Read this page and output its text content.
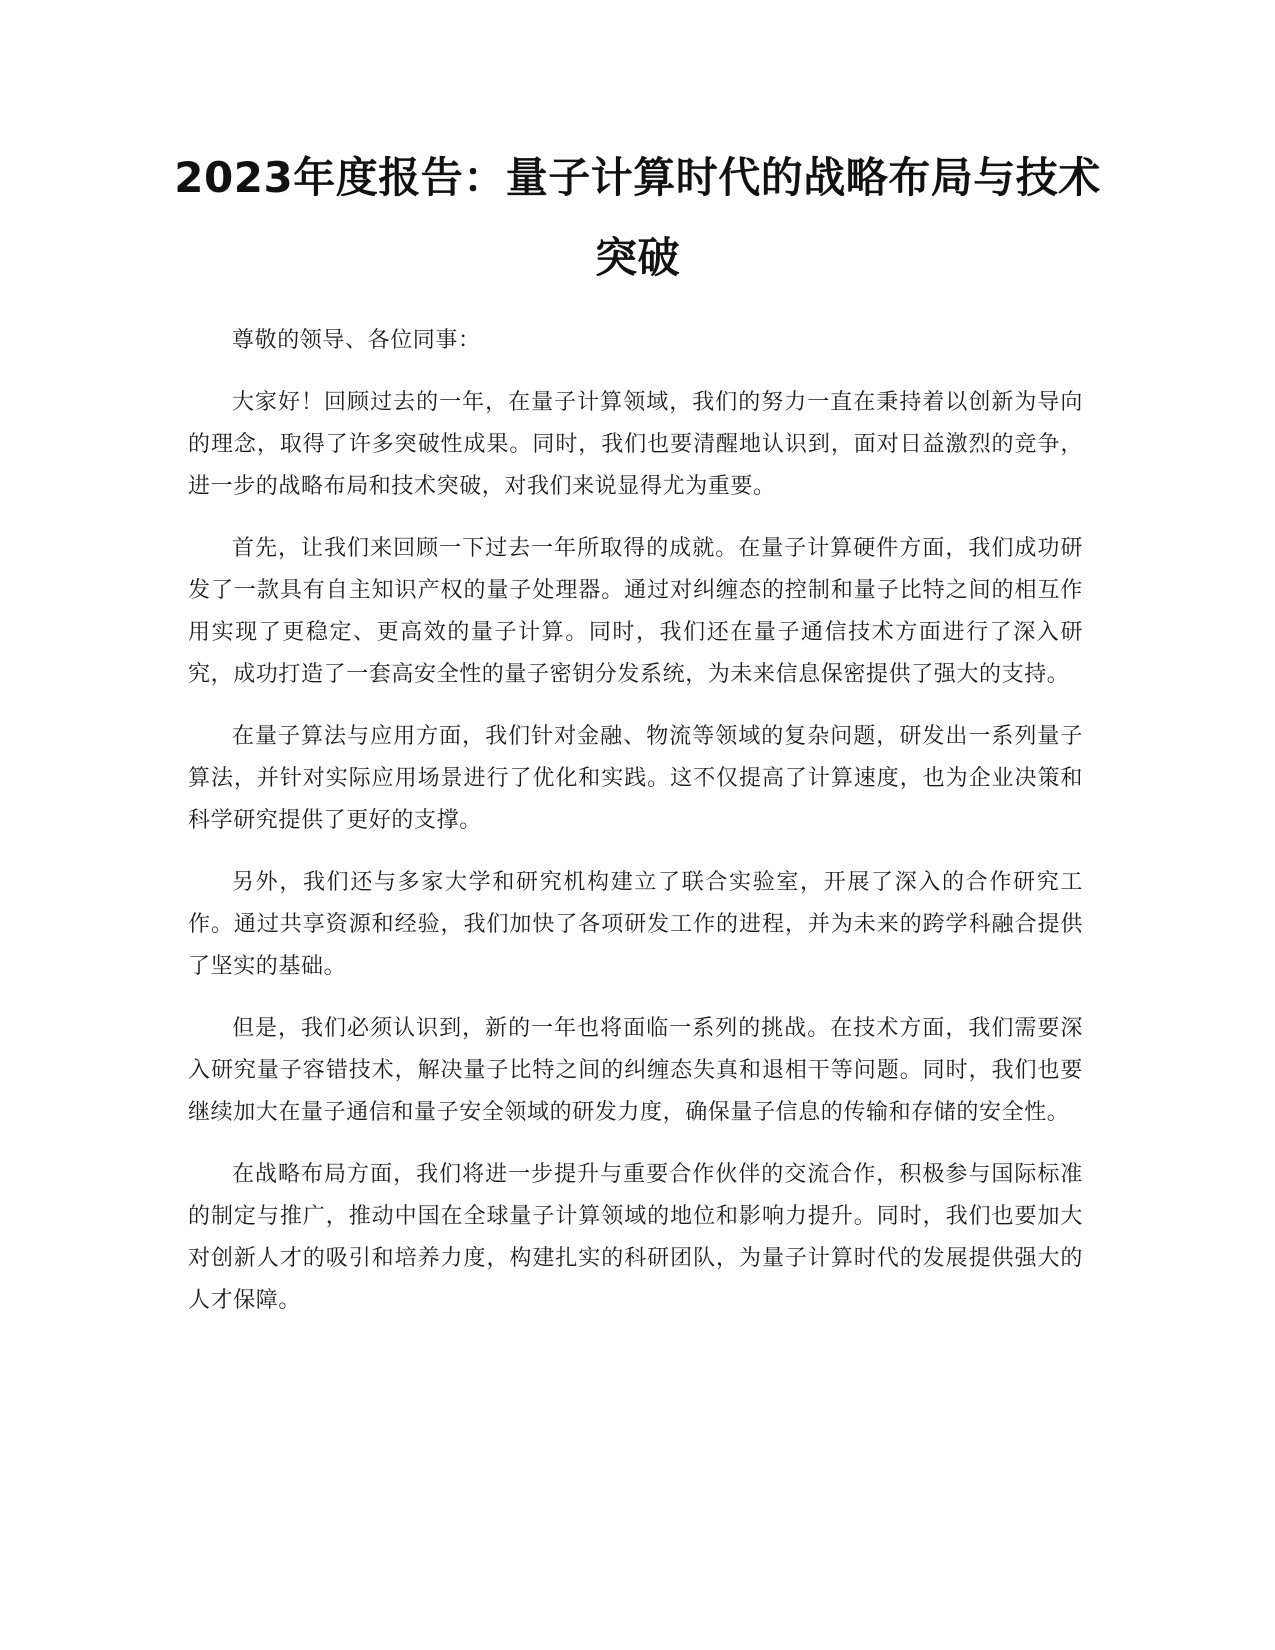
2023年度报告：量子计算时代的战略布局与技术突破

尊敬的领导、各位同事：

大家好！回顾过去的一年，在量子计算领域，我们的努力一直在秉持着以创新为导向的理念，取得了许多突破性成果。同时，我们也要清醒地认识到，面对日益激烈的竞争，进一步的战略布局和技术突破，对我们来说显得尤为重要。

首先，让我们来回顾一下过去一年所取得的成就。在量子计算硬件方面，我们成功研发了一款具有自主知识产权的量子处理器。通过对纠缠态的控制和量子比特之间的相互作用实现了更稳定、更高效的量子计算。同时，我们还在量子通信技术方面进行了深入研究，成功打造了一套高安全性的量子密钥分发系统，为未来信息保密提供了强大的支持。

在量子算法与应用方面，我们针对金融、物流等领域的复杂问题，研发出一系列量子算法，并针对实际应用场景进行了优化和实践。这不仅提高了计算速度，也为企业决策和科学研究提供了更好的支撑。

另外，我们还与多家大学和研究机构建立了联合实验室，开展了深入的合作研究工作。通过共享资源和经验，我们加快了各项研发工作的进程，并为未来的跨学科融合提供了坚实的基础。

但是，我们必须认识到，新的一年也将面临一系列的挑战。在技术方面，我们需要深入研究量子容错技术，解决量子比特之间的纠缠态失真和退相干等问题。同时，我们也要继续加大在量子通信和量子安全领域的研发力度，确保量子信息的传输和存储的安全性。

在战略布局方面，我们将进一步提升与重要合作伙伴的交流合作，积极参与国际标准的制定与推广，推动中国在全球量子计算领域的地位和影响力提升。同时，我们也要加大对创新人才的吸引和培养力度，构建扎实的科研团队，为量子计算时代的发展提供强大的人才保障。
